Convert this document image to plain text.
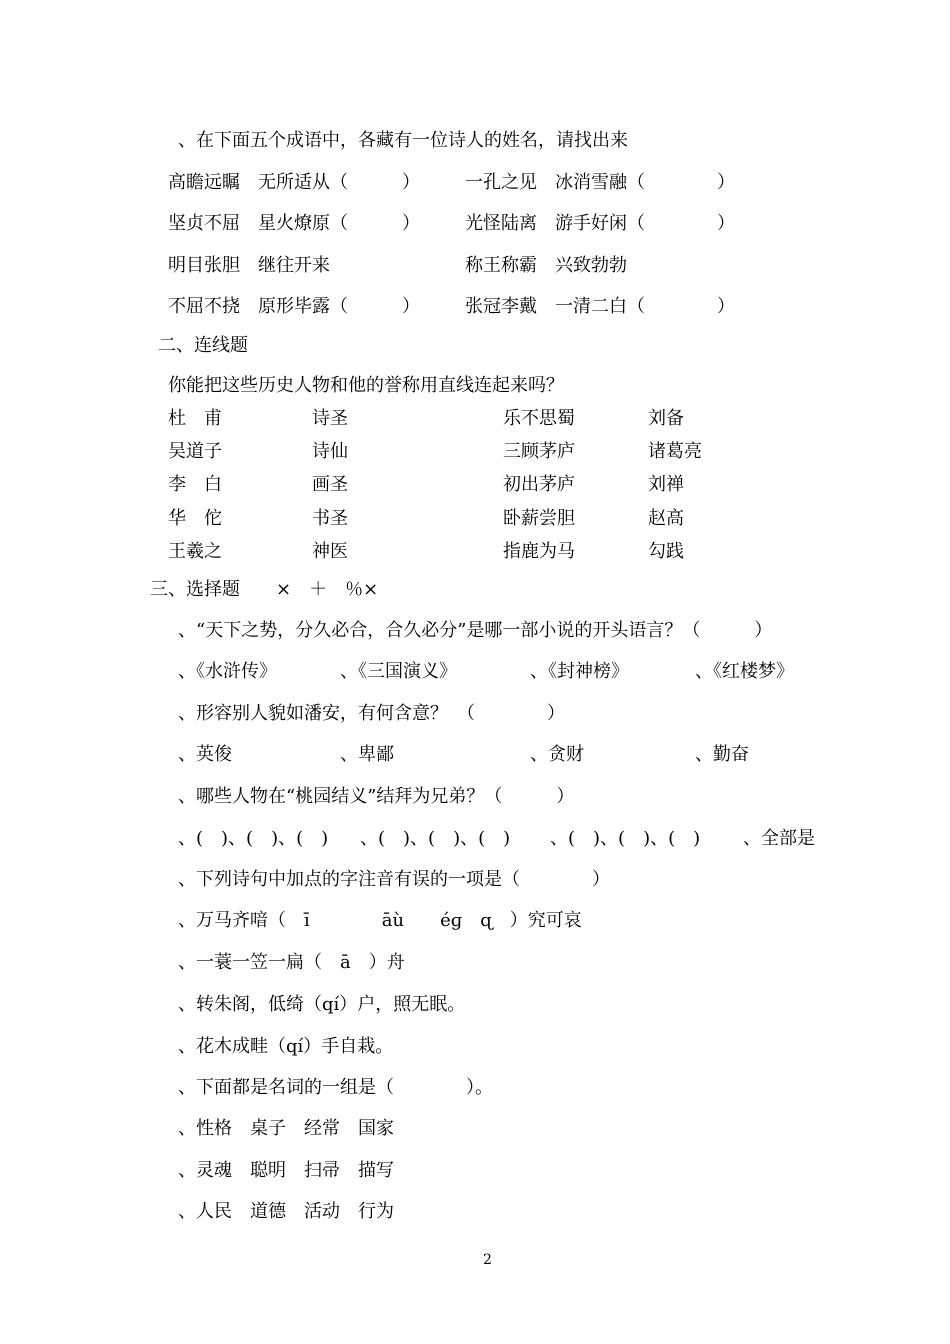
、在下面五个成语中，各藏有一位诗人的姓名，请找出来
高瞻远瞩　无所适从（　　　）	一孔之见　冰消雪融（　　　　）
坚贞不屈　星火燎原（　　　）	光怪陆离　游手好闲（　　　　）
明目张胆　继往开来	称王称霸　兴致勃勃
不屈不挠　原形毕露（　　　）	张冠李戴　一清二白（　　　　）
二、连线题
你能把这些历史人物和他的誉称用直线连起来吗？
杜　甫	诗圣	乐不思蜀	刘备
吴道子	诗仙	三顾茅庐	诸葛亮
李　白	画圣	初出茅庐	刘禅
华　佗	书圣	卧薪尝胆	赵高
王羲之	神医	指鹿为马	勾践
三、选择题　　×　＋　％×
、“天下之势，分久必合，合久必分”是哪一部小说的开头语言？（　　　）
、《水浒传》	、《三国演义》	、《封神榜》	、《红楼梦》
、形容别人貌如潘安，有何含意？　（　　　　）
、英俊	、卑鄙	、贪财	、勤奋
、哪些人物在“桃园结义”结拜为兄弟？（　　　）
、(　)、(　)、(　) 、(　)、(　)、(　) 、(　)、(　)、(　) 、全部是
、下列诗句中加点的字注音有误的一项是（　　　　）
、万马齐喑（　ī　　　　āù　　éɡ　ɋ　）究可哀
、一蓑一笠一扁（　ā　）舟
、转朱阁，低绮（qí）户，照无眠。
、花木成畦（qí）手自栽。
、下面都是名词的一组是（　　　　）。
、性格　桌子　经常　国家
、灵魂　聪明　扫帚　描写
、人民　道德　活动　行为
2
